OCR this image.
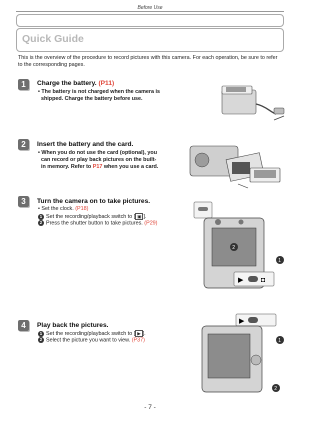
Before Use
Quick Guide
This is the overview of the procedure to record pictures with this camera. For each operation, be sure to refer to the corresponding pages.
1	Charge the battery. (P11)
• The battery is not charged when the camera is
shipped. Charge the battery before use.
2	Insert the battery and the card.
• When you do not use the card (optional), you
can record or play back pictures on the built-
in memory. Refer to P17 when you use a card.
3	Turn the camera on to take pictures.
• Set the clock. (P18)
1 Set the recording/playback switch to [ ▣ ].
2 Press the shutter button to take pictures. (P29)
▶	◘
2
1
4	Play back the pictures.
1 Set the recording/playback switch to [ ▶ ].
2 Select the picture you want to view. (P37)
▶
1
2
- 7 -
